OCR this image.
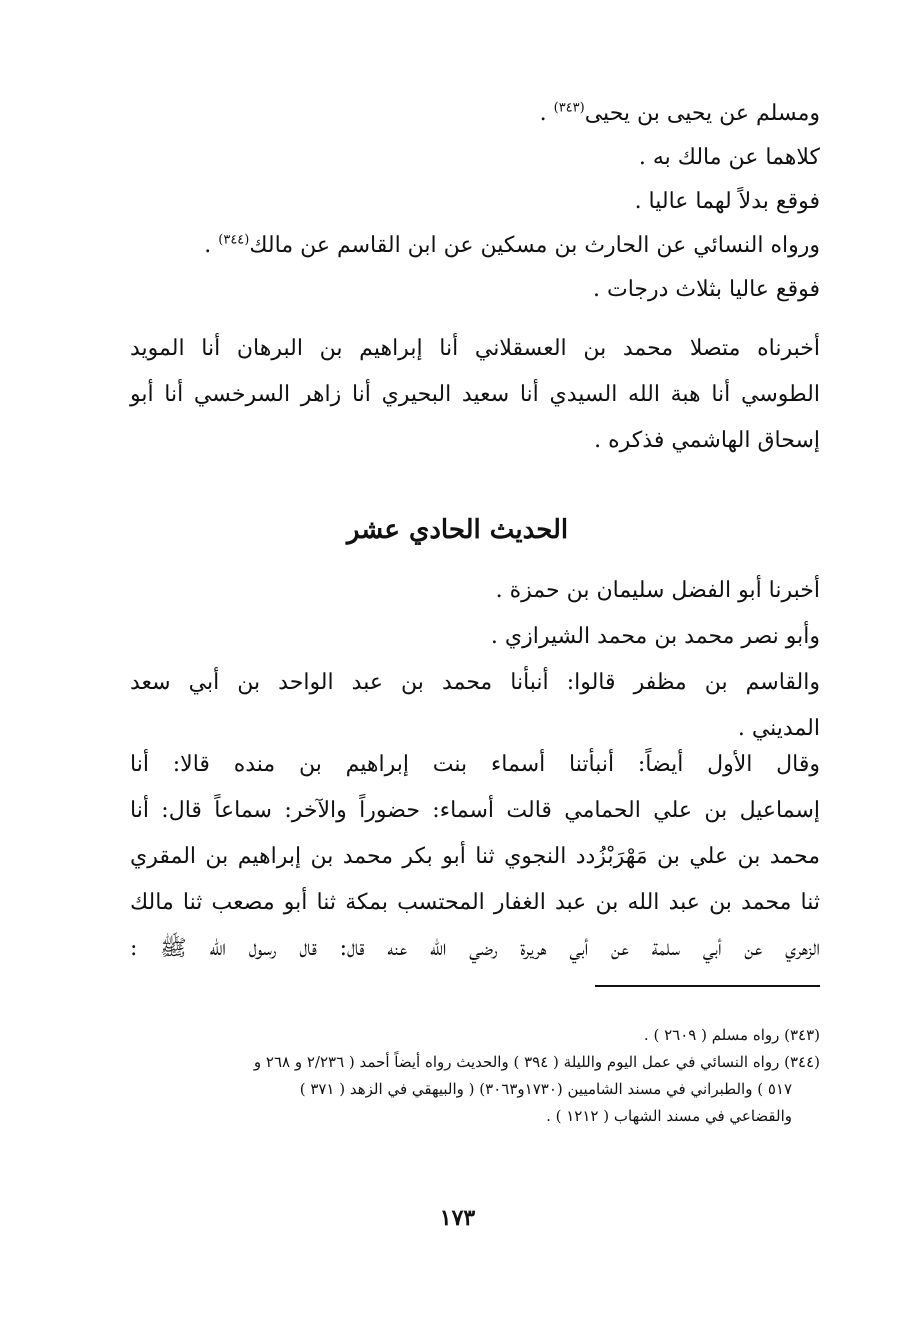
ومسلم عن يحيى بن يحيى$^{(٣٤٣)}$ .
كلاهما عن مالك به .
فوقع بدلاً لهما عاليا .
ورواه النسائي عن الحارث بن مسكين عن ابن القاسم عن مالك$^{(٣٤٤)}$ .
فوقع عاليا بثلاث درجات .
أخبرناه متصلا محمد بن العسقلاني أنا إبراهيم بن البرهان أنا المويد
الطوسي أنا هبة الله السيدي أنا سعيد البحيري أنا زاهر السرخسي أنا أبو
إسحاق الهاشمي فذكره .
الحديث الحادي عشر
أخبرنا أبو الفضل سليمان بن حمزة .
وأبو نصر محمد بن محمد الشيرازي .
والقاسم بن مظفر قالوا: أنبأنا محمد بن عبد الواحد بن أبي سعد
المديني .
وقال الأول أيضاً: أنبأتنا أسماء بنت إبراهيم بن منده قالا: أنا
إسماعيل بن علي الحمامي قالت أسماء: حضوراً والآخر: سماعاً قال: أنا
محمد بن علي بن مَهْرَبْزُدد النجوي ثنا أبو بكر محمد بن إبراهيم بن المقري
ثنا محمد بن عبد الله بن عبد الغفار المحتسب بمكة ثنا أبو مصعب ثنا مالك
الزهري عن أبي سلمة عن أبي هريرة رضي الله عنه قال: قال رسول الله ﷺ :
(٣٤٣) رواه مسلم ( ٢٦٠٩ ) .
(٣٤٤) رواه النسائي في عمل اليوم والليلة ( ٣٩٤ ) والحديث رواه أيضاً أحمد ( ٢/٢٣٦ و ٢٦٨ و
٥١٧ ) والطبراني في مسند الشاميين (١٧٣٠و٣٠٦٣) ( والبيهقي في الزهد ( ٣٧١ )
والقضاعي في مسند الشهاب ( ١٢١٢ ) .
١٧٣
